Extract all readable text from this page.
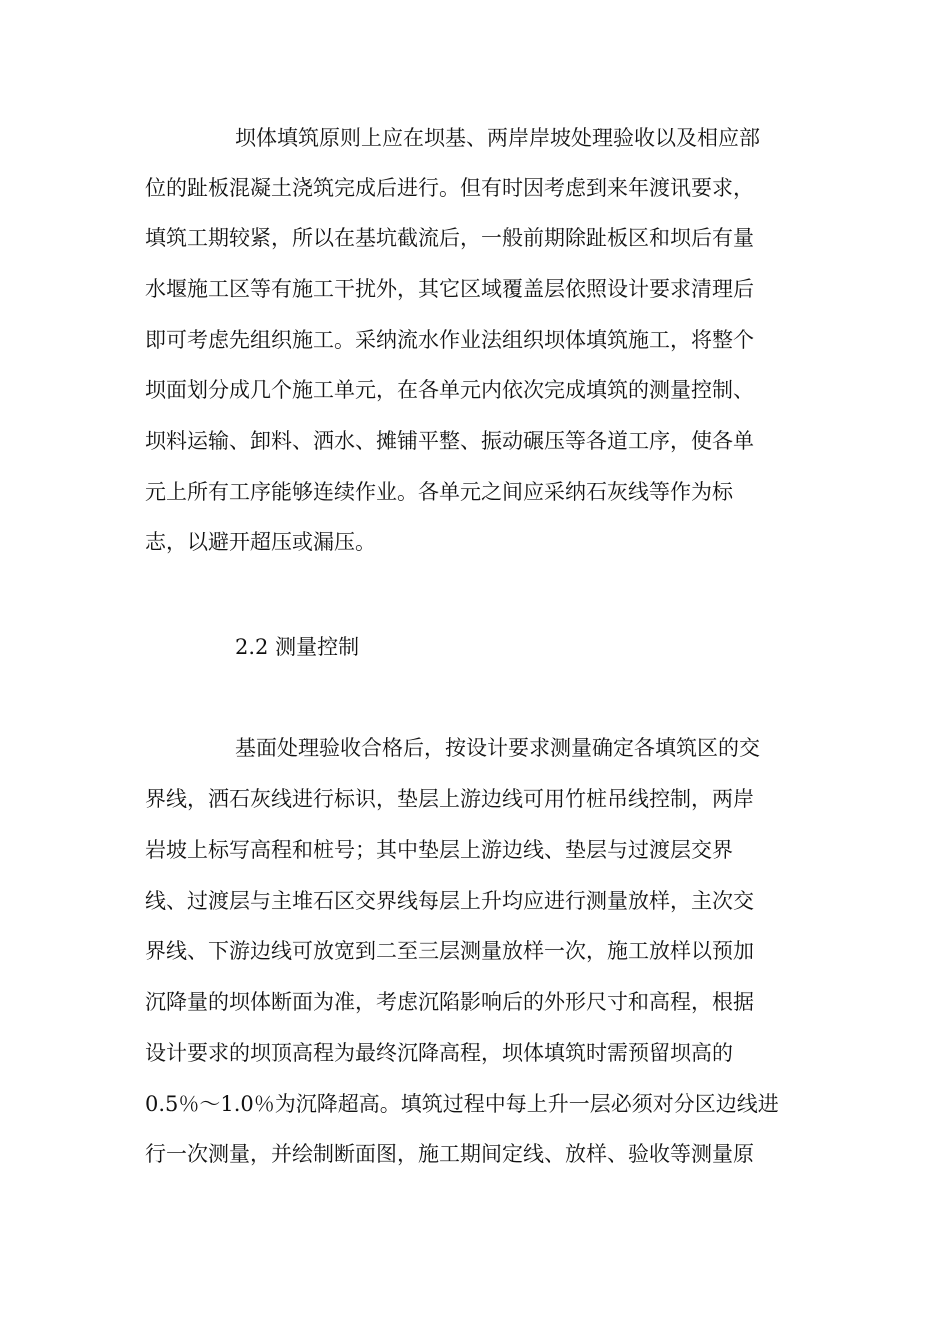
坝体填筑原则上应在坝基、两岸岸坡处理验收以及相应部
位的趾板混凝土浇筑完成后进行。但有时因考虑到来年渡讯要求，
填筑工期较紧，所以在基坑截流后，一般前期除趾板区和坝后有量
水堰施工区等有施工干扰外，其它区域覆盖层依照设计要求清理后
即可考虑先组织施工。采纳流水作业法组织坝体填筑施工，将整个
坝面划分成几个施工单元，在各单元内依次完成填筑的测量控制、
坝料运输、卸料、洒水、摊铺平整、振动碾压等各道工序，使各单
元上所有工序能够连续作业。各单元之间应采纳石灰线等作为标
志，以避开超压或漏压。
2.2 测量控制
基面处理验收合格后，按设计要求测量确定各填筑区的交
界线，洒石灰线进行标识，垫层上游边线可用竹桩吊线控制，两岸
岩坡上标写高程和桩号；其中垫层上游边线、垫层与过渡层交界
线、过渡层与主堆石区交界线每层上升均应进行测量放样，主次交
界线、下游边线可放宽到二至三层测量放样一次，施工放样以预加
沉降量的坝体断面为准，考虑沉陷影响后的外形尺寸和高程，根据
设计要求的坝顶高程为最终沉降高程，坝体填筑时需预留坝高的
0.5％～1.0％为沉降超高。填筑过程中每上升一层必须对分区边线进
行一次测量，并绘制断面图，施工期间定线、放样、验收等测量原
